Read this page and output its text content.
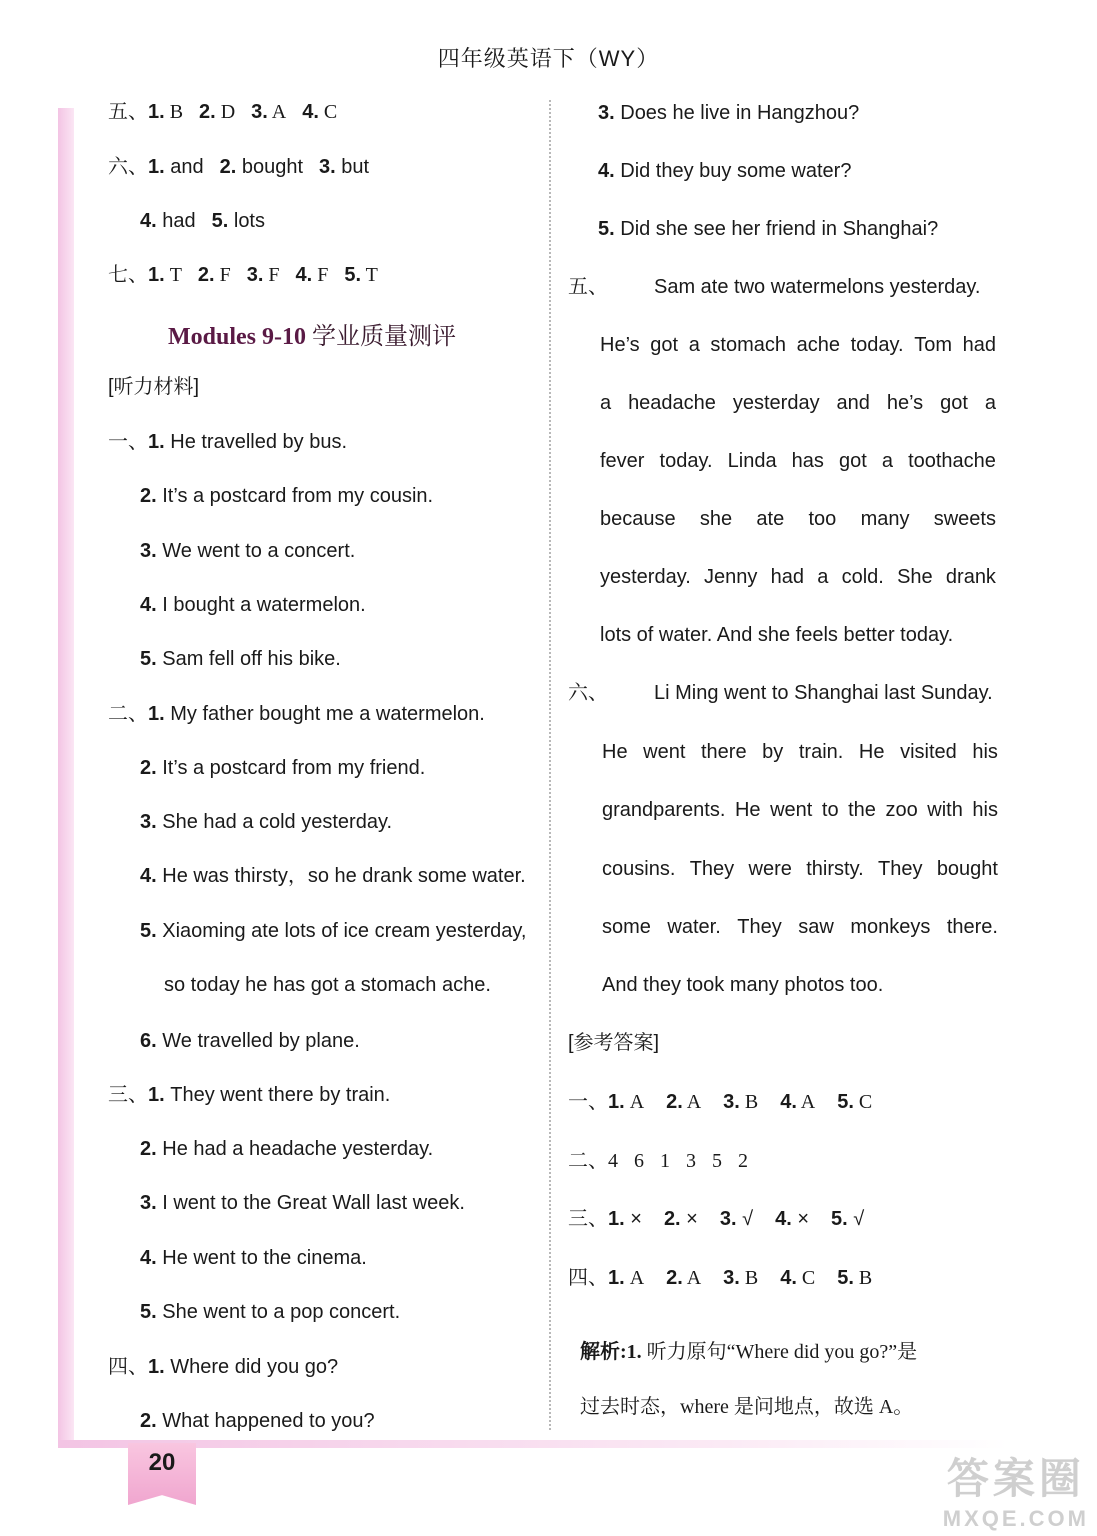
四年级英语下（WY）
五、1. B 2. D 3. A 4. C
六、1. and 2. bought 3. but
4. had 5. lots
七、1. T 2. F 3. F 4. F 5. T
[听力材料]
一、1. He travelled by bus.
2. It’s a postcard from my cousin.
3. We went to a concert.
4. I bought a watermelon.
5. Sam fell off his bike.
二、1. My father bought me a watermelon.
2. It’s a postcard from my friend.
3. She had a cold yesterday.
4. He was thirsty，so he drank some water.
5. Xiaoming ate lots of ice cream yesterday,
so today he has got a stomach ache.
6. We travelled by plane.
三、1. They went there by train.
2. He had a headache yesterday.
3. I went to the Great Wall last week.
4. He went to the cinema.
5. She went to a pop concert.
四、1. Where did you go?
2. What happened to you?
Modules 9-10 学业质量测评
3. Does he live in Hangzhou?
4. Did they buy some water?
5. Did she see her friend in Shanghai?
五、 Sam ate two watermelons yesterday.
He’s got a stomach ache today. Tom had
a headache yesterday and he’s got a
fever today. Linda has got a toothache
because she ate too many sweets
yesterday. Jenny had a cold. She drank
lots of water. And she feels better today.
六、 Li Ming went to Shanghai last Sunday.
He went there by train. He visited his
grandparents. He went to the zoo with his
cousins. They were thirsty. They bought
some water. They saw monkeys there.
And they took many photos too.
[参考答案]
一、1. A 2. A 3. B 4. A 5. C
二、4  6  1  3  5  2
三、1. × 2. × 3. √ 4. × 5. √
四、1. A 2. A 3. B 4. C 5. B
解析:1. 听力原句“Where did you go?”是
过去时态，where 是问地点，故选 A。
20	答案圈
MXQE.COM
